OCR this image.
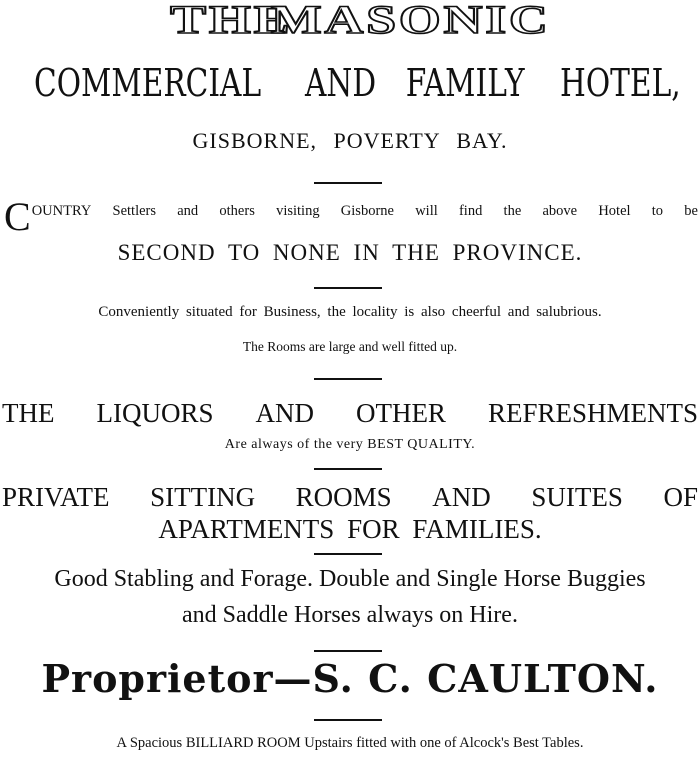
THE
MASONIC
COMMERCIAL AND FAMILY HOTEL,
GISBORNE, POVERTY BAY.
C OUNTRY Settlers and others visiting Gisborne will find the above Hotel to be
SECOND TO NONE IN THE PROVINCE.
Conveniently situated for Business, the locality is also cheerful and salubrious.
The Rooms are large and well fitted up.
THE LIQUORS AND OTHER REFRESHMENTS
Are always of the very BEST QUALITY.
PRIVATE SITTING ROOMS AND SUITES OF
APARTMENTS FOR FAMILIES.
Good Stabling and Forage. Double and Single Horse Buggies
and Saddle Horses always on Hire.
Proprietor—S. C. CAULTON.
A Spacious BILLIARD ROOM Upstairs fitted with one of Alcock's Best Tables.
